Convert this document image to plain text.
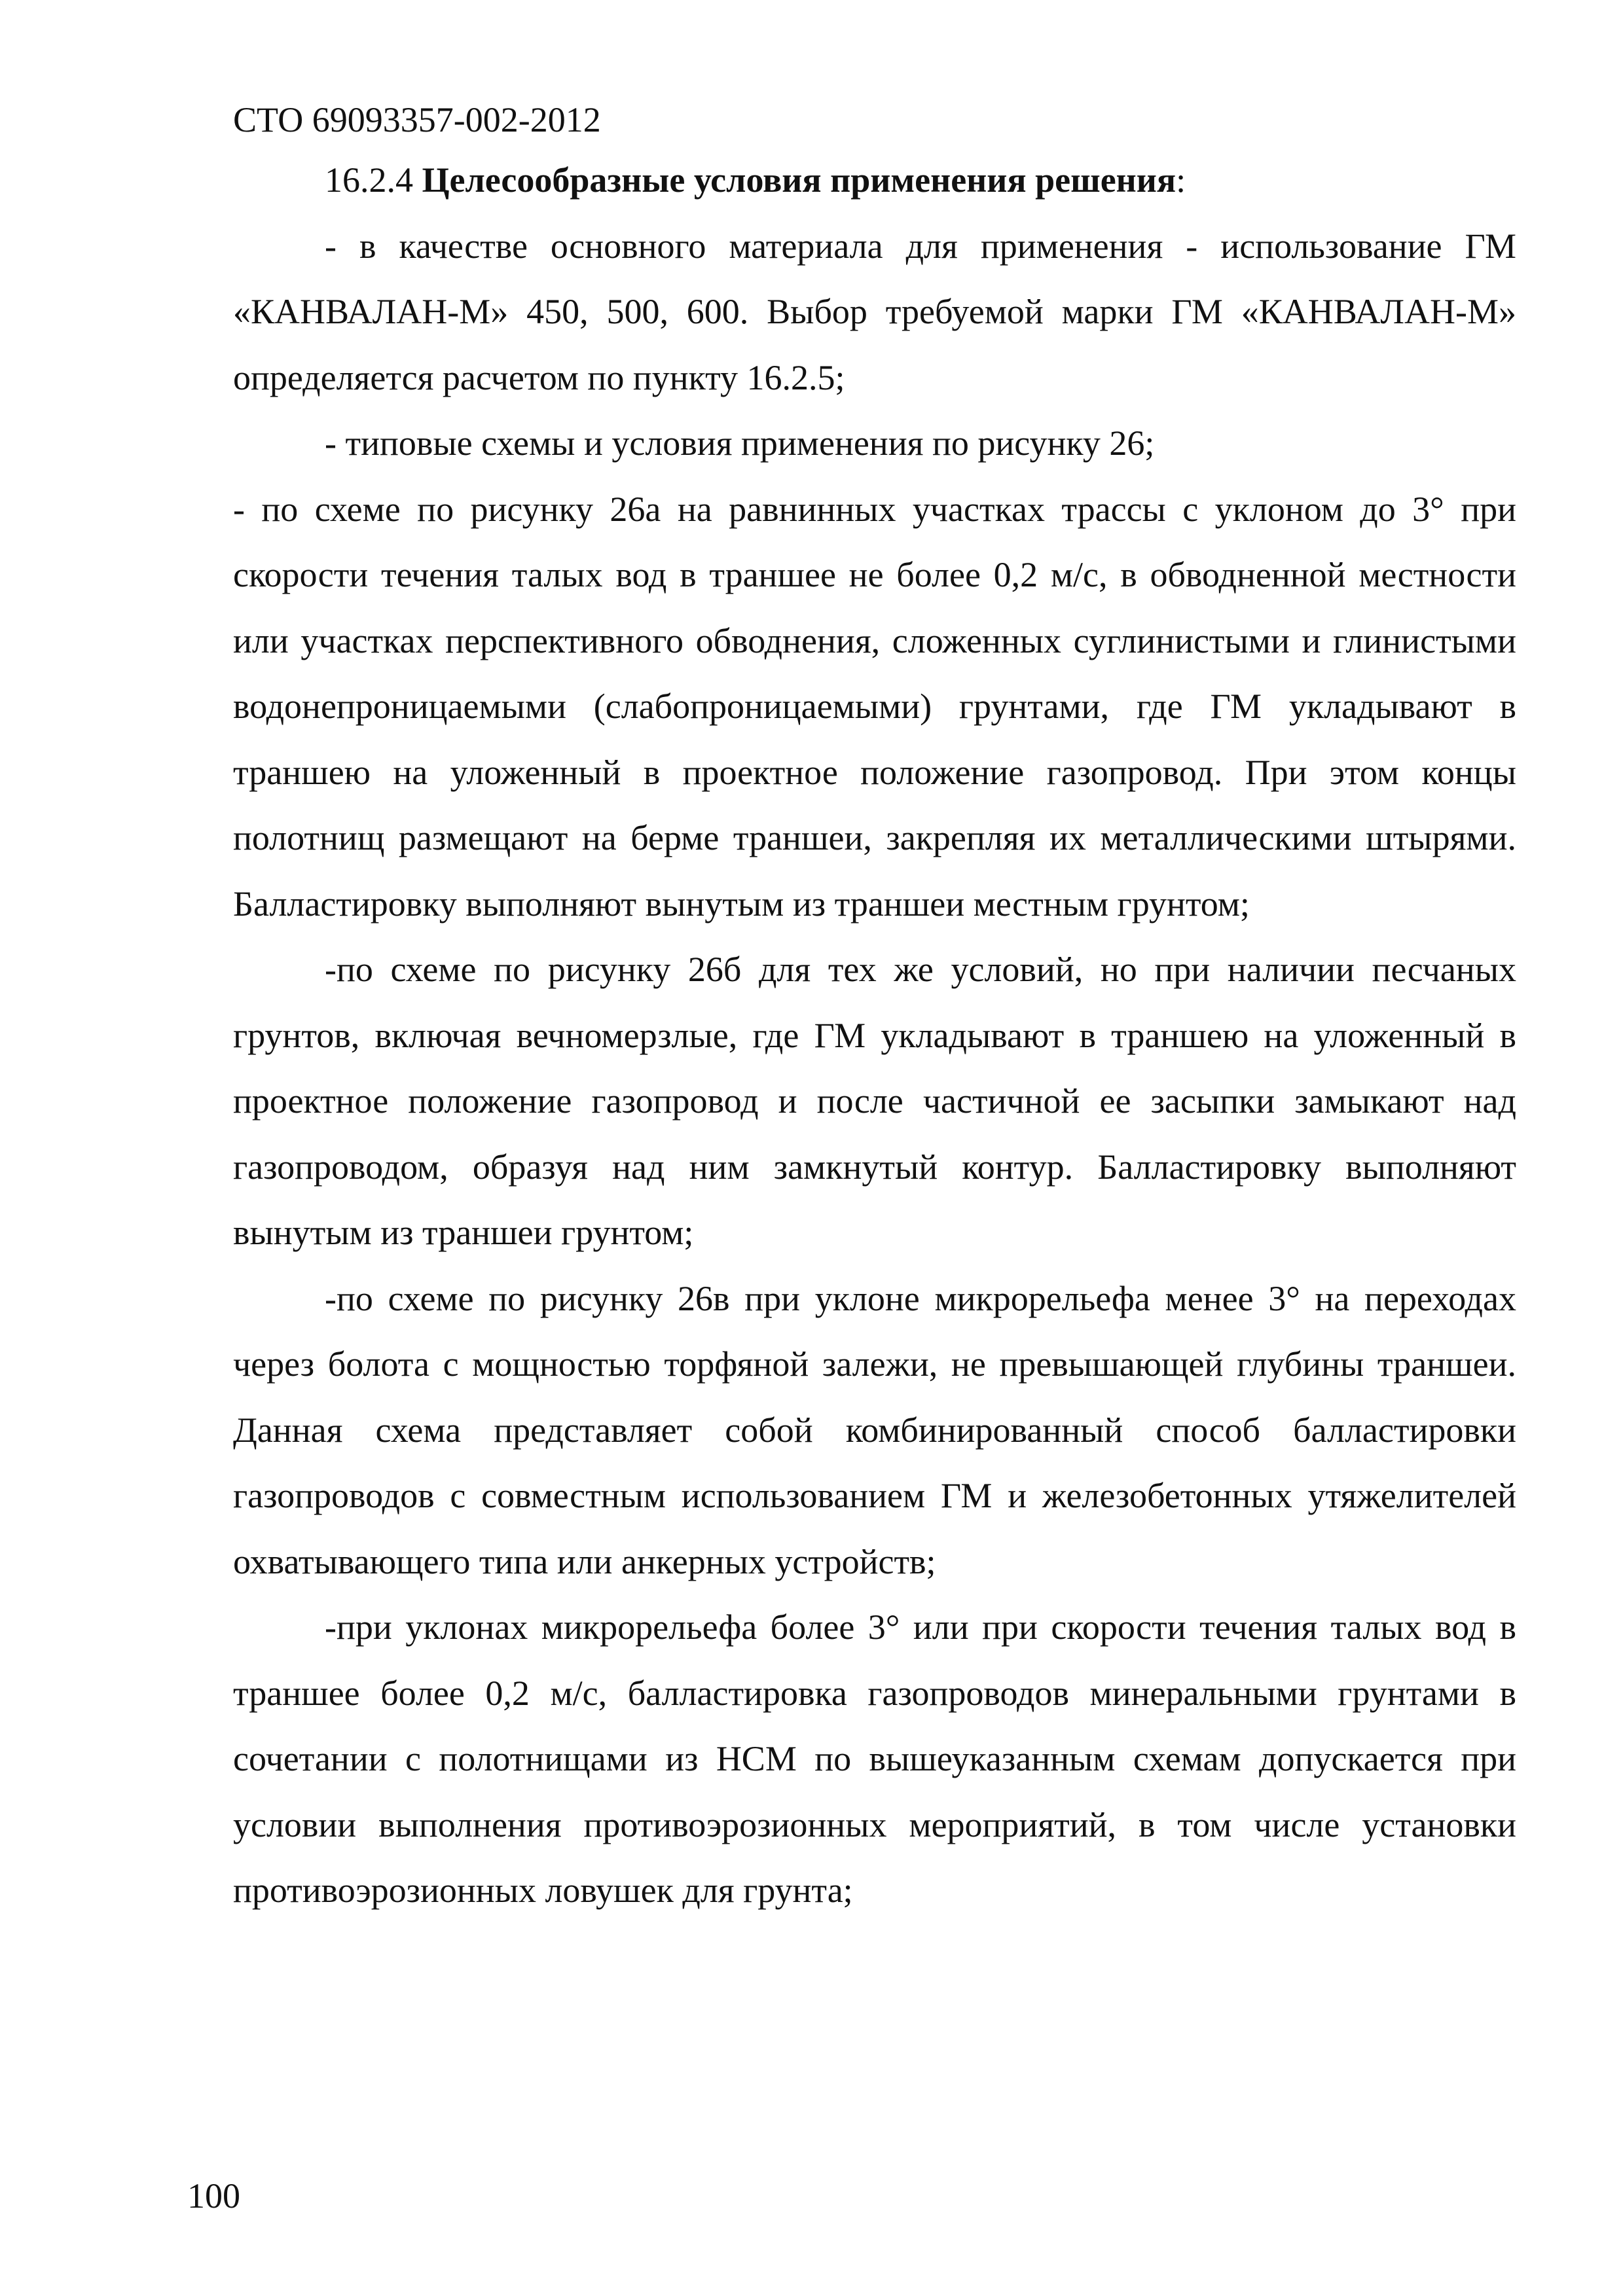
СТО 69093357-002-2012

16.2.4 Целесообразные условия применения решения:

- в качестве основного материала для применения - использование ГМ «КАНВАЛАН-М» 450, 500, 600. Выбор требуемой марки ГМ «КАНВАЛАН-М» определяется расчетом по пункту 16.2.5;

- типовые схемы и условия применения по рисунку 26;

- по схеме по рисунку 26а на равнинных участках трассы с уклоном до 3° при скорости течения талых вод в траншее не более 0,2 м/с, в обводненной местности или участках перспективного обводнения, сложенных суглинистыми и глинистыми водонепроницаемыми (слабопроницаемыми) грунтами, где ГМ укладывают в траншею на уложенный в проектное положение газопровод. При этом концы полотнищ размещают на берме траншеи, закрепляя их металлическими штырями. Балластировку выполняют вынутым из траншеи местным грунтом;

-по схеме по рисунку 26б для тех же условий, но при наличии песчаных грунтов, включая вечномерзлые, где ГМ укладывают в траншею на уложенный в проектное положение газопровод и после частичной ее засыпки замыкают над газопроводом, образуя над ним замкнутый контур. Балластировку выполняют вынутым из траншеи грунтом;

-по схеме по рисунку 26в при уклоне микрорельефа менее 3° на переходах через болота с мощностью торфяной залежи, не превышающей глубины траншеи. Данная схема представляет собой комбинированный способ балластировки газопроводов с совместным использованием ГМ и железобетонных утяжелителей охватывающего типа или анкерных устройств;

-при уклонах микрорельефа более 3° или при скорости течения талых вод в траншее более 0,2 м/с, балластировка газопроводов минеральными грунтами в сочетании с полотнищами из НСМ по вышеуказанным схемам допускается при условии выполнения противоэрозионных мероприятий, в том числе установки противоэрозионных ловушек для грунта;

100
